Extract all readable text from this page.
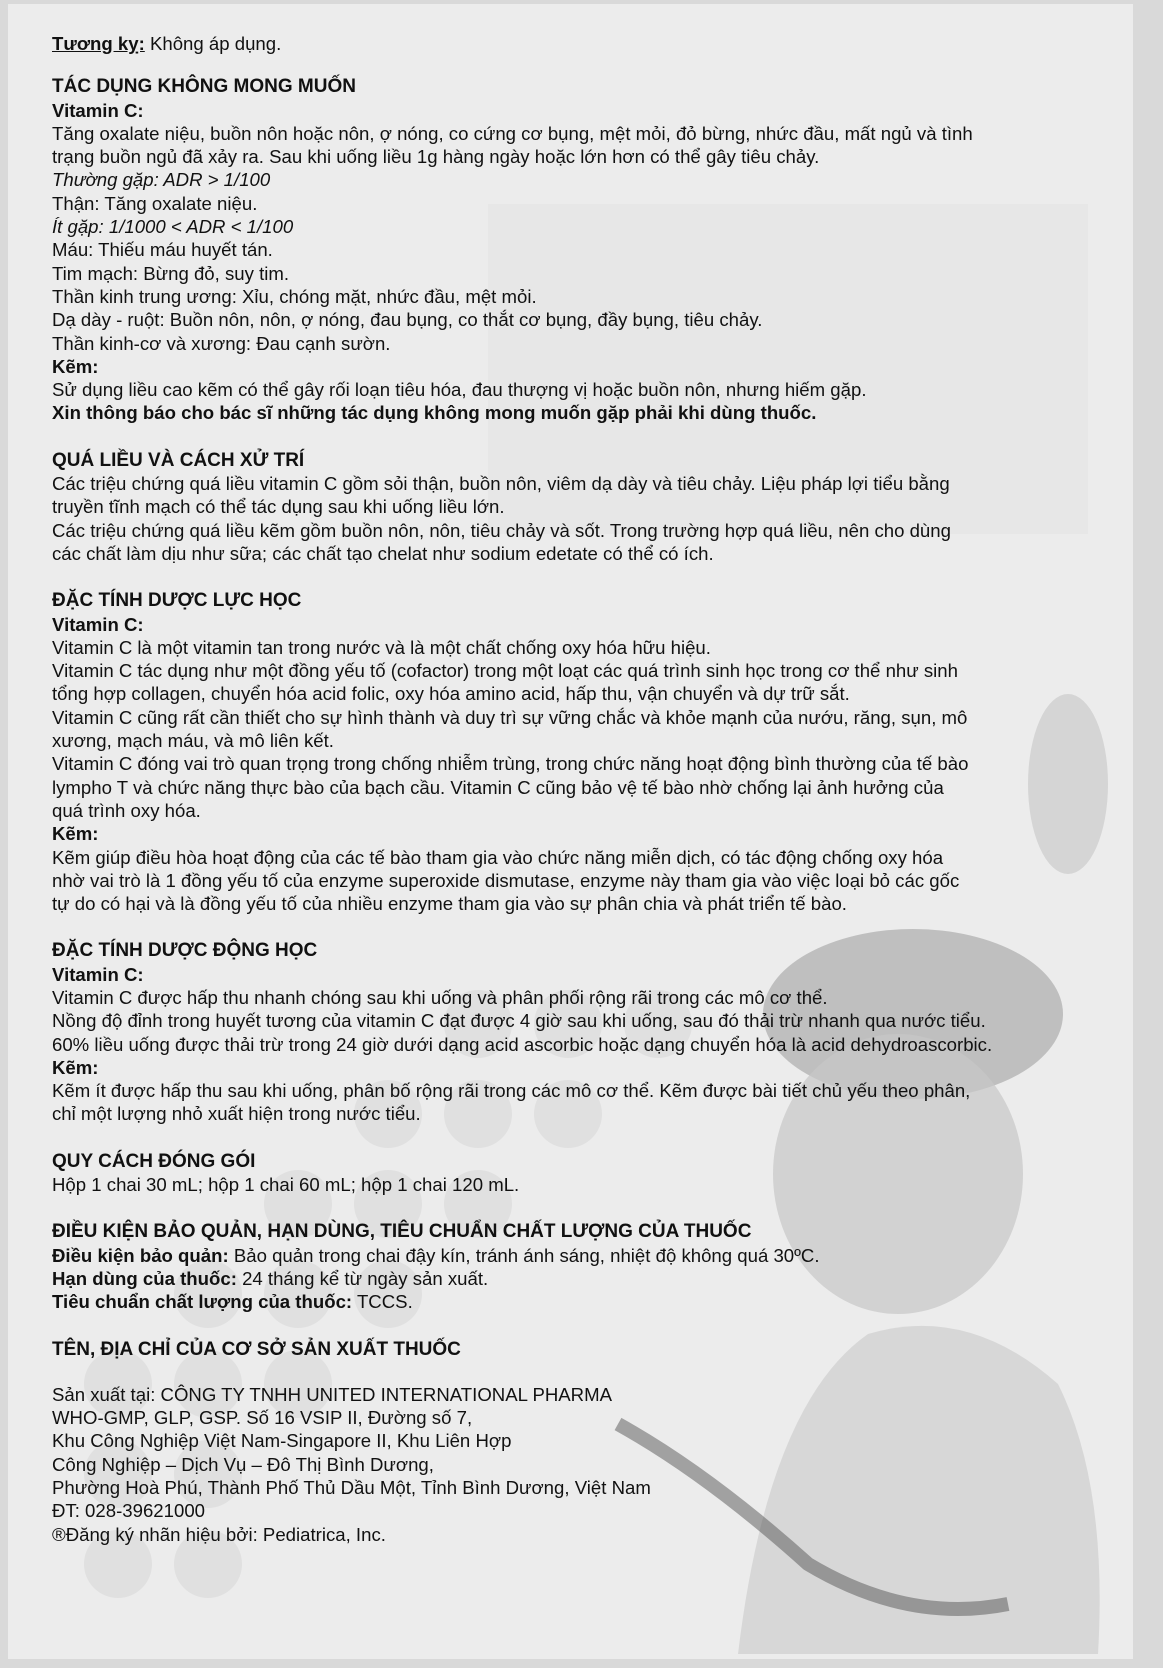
Tương kỵ: Không áp dụng.
TÁC DỤNG KHÔNG MONG MUỐN
Vitamin C:
Tăng oxalate niệu, buồn nôn hoặc nôn, ợ nóng, co cứng cơ bụng, mệt mỏi, đỏ bừng, nhức đầu, mất ngủ và tình
trạng buồn ngủ đã xảy ra. Sau khi uống liều 1g hàng ngày hoặc lớn hơn có thể gây tiêu chảy.
Thường gặp: ADR > 1/100
Thận: Tăng oxalate niệu.
Ít gặp: 1/1000 < ADR < 1/100
Máu: Thiếu máu huyết tán.
Tim mạch: Bừng đỏ, suy tim.
Thần kinh trung ương: Xỉu, chóng mặt, nhức đầu, mệt mỏi.
Dạ dày - ruột: Buồn nôn, nôn, ợ nóng, đau bụng, co thắt cơ bụng, đầy bụng, tiêu chảy.
Thần kinh-cơ và xương: Đau cạnh sườn.
Kẽm:
Sử dụng liều cao kẽm có thể gây rối loạn tiêu hóa, đau thượng vị hoặc buồn nôn, nhưng hiếm gặp.
Xin thông báo cho bác sĩ những tác dụng không mong muốn gặp phải khi dùng thuốc.
QUÁ LIỀU VÀ CÁCH XỬ TRÍ
Các triệu chứng quá liều vitamin C gồm sỏi thận, buồn nôn, viêm dạ dày và tiêu chảy. Liệu pháp lợi tiểu bằng
truyền tĩnh mạch có thể tác dụng sau khi uống liều lớn.
Các triệu chứng quá liều kẽm gồm buồn nôn, nôn, tiêu chảy và sốt. Trong trường hợp quá liều, nên cho dùng
các chất làm dịu như sữa; các chất tạo chelat như sodium edetate có thể có ích.
ĐẶC TÍNH DƯỢC LỰC HỌC
Vitamin C:
Vitamin C là một vitamin tan trong nước và là một chất chống oxy hóa hữu hiệu.
Vitamin C tác dụng như một đồng yếu tố (cofactor) trong một loạt các quá trình sinh học trong cơ thể như sinh
tổng hợp collagen, chuyển hóa acid folic, oxy hóa amino acid, hấp thu, vận chuyển và dự trữ sắt.
Vitamin C cũng rất cần thiết cho sự hình thành và duy trì sự vững chắc và khỏe mạnh của nướu, răng, sụn, mô
xương, mạch máu, và mô liên kết.
Vitamin C đóng vai trò quan trọng trong chống nhiễm trùng, trong chức năng hoạt động bình thường của tế bào
lympho T và chức năng thực bào của bạch cầu. Vitamin C cũng bảo vệ tế bào nhờ chống lại ảnh hưởng của
quá trình oxy hóa.
Kẽm:
Kẽm giúp điều hòa hoạt động của các tế bào tham gia vào chức năng miễn dịch, có tác động chống oxy hóa
nhờ vai trò là 1 đồng yếu tố của enzyme superoxide dismutase, enzyme này tham gia vào việc loại bỏ các gốc
tự do có hại và là đồng yếu tố của nhiều enzyme tham gia vào sự phân chia và phát triển tế bào.
ĐẶC TÍNH DƯỢC ĐỘNG HỌC
Vitamin C:
Vitamin C được hấp thu nhanh chóng sau khi uống và phân phối rộng rãi trong các mô cơ thể.
Nồng độ đỉnh trong huyết tương của vitamin C đạt được 4 giờ sau khi uống, sau đó thải trừ nhanh qua nước tiểu.
60% liều uống được thải trừ trong 24 giờ dưới dạng acid ascorbic hoặc dạng chuyển hóa là acid dehydroascorbic.
Kẽm:
Kẽm ít được hấp thu sau khi uống, phân bố rộng rãi trong các mô cơ thể. Kẽm được bài tiết chủ yếu theo phân,
chỉ một lượng nhỏ xuất hiện trong nước tiểu.
QUY CÁCH ĐÓNG GÓI
Hộp 1 chai 30 mL; hộp 1 chai 60 mL; hộp 1 chai 120 mL.
ĐIỀU KIỆN BẢO QUẢN, HẠN DÙNG, TIÊU CHUẨN CHẤT LƯỢNG CỦA THUỐC
Điều kiện bảo quản: Bảo quản trong chai đậy kín, tránh ánh sáng, nhiệt độ không quá 30ºC.
Hạn dùng của thuốc: 24 tháng kể từ ngày sản xuất.
Tiêu chuẩn chất lượng của thuốc: TCCS.
TÊN, ĐỊA CHỈ CỦA CƠ SỞ SẢN XUẤT THUỐC
Sản xuất tại: CÔNG TY TNHH UNITED INTERNATIONAL PHARMA
WHO-GMP, GLP, GSP. Số 16 VSIP II, Đường số 7,
Khu Công Nghiệp Việt Nam-Singapore II, Khu Liên Hợp
Công Nghiệp – Dịch Vụ – Đô Thị Bình Dương,
Phường Hoà Phú, Thành Phố Thủ Dầu Một, Tỉnh Bình Dương, Việt Nam
ĐT: 028-39621000
®Đăng ký nhãn hiệu bởi: Pediatrica, Inc.
